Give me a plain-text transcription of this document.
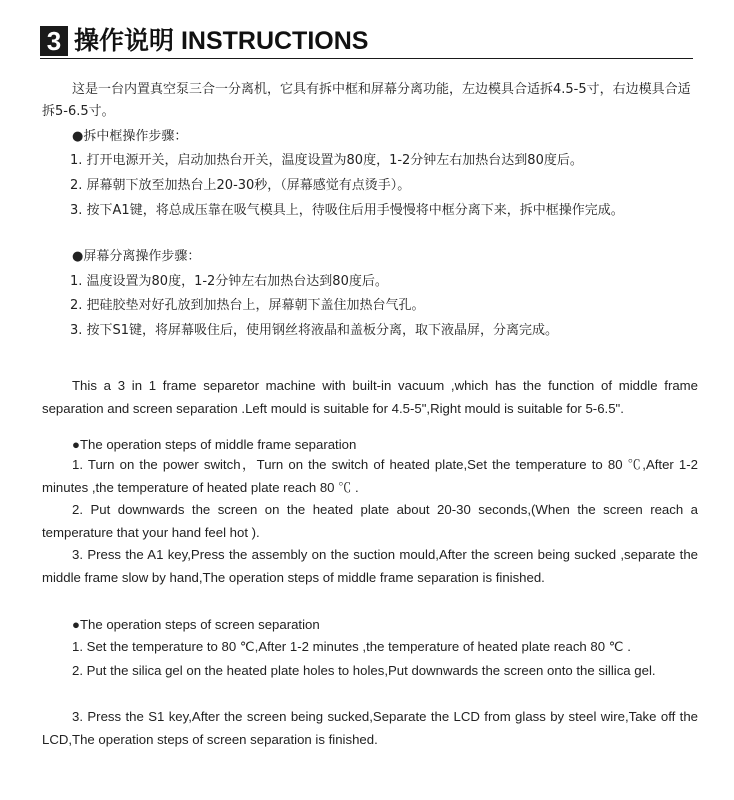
3 操作说明 INSTRUCTIONS

这是一台内置真空泵三合一分离机，它具有拆中框和屏幕分离功能，左边模具合适拆4.5-5寸，右边模具合适拆5-6.5寸。

●拆中框操作步骤：

1. 打开电源开关，启动加热台开关，温度设置为80度，1-2分钟左右加热台达到80度后。

2. 屏幕朝下放至加热台上20-30秒，（屏幕感觉有点烫手）。

3. 按下A1键，将总成压靠在吸气模具上，待吸住后用手慢慢将中框分离下来，拆中框操作完成。

●屏幕分离操作步骤：

1. 温度设置为80度，1-2分钟左右加热台达到80度后。

2. 把硅胶垫对好孔放到加热台上，屏幕朝下盖住加热台气孔。

3. 按下S1键，将屏幕吸住后，使用钢丝将液晶和盖板分离，取下液晶屏，分离完成。

This a 3 in 1 frame separetor machine with built-in vacuum ,which has the function of middle frame separation and screen separation .Left mould is suitable for 4.5-5",Right mould is suitable for 5-6.5".

●The operation steps of middle frame separation

1. Turn on the power switch，Turn on the switch of heated plate,Set the temperature to 80 ℃,After 1-2 minutes ,the temperature of heated plate reach 80 ℃ .

2. Put downwards the screen on the heated plate about 20-30 seconds,(When the screen reach a temperature that your hand feel hot ).

3. Press the A1 key,Press the assembly on the suction mould,After the screen being sucked ,separate the middle frame slow by hand,The operation steps of middle frame separation is finished.

●The operation steps of screen separation

1. Set the temperature to 80 ℃,After 1-2 minutes ,the temperature of heated plate reach 80 ℃ .

2. Put the silica gel on the heated plate holes to holes,Put downwards the screen onto the sillica gel.

3. Press the S1 key,After the screen being sucked,Separate the LCD from glass by steel wire,Take off the LCD,The operation steps of screen separation is finished.
